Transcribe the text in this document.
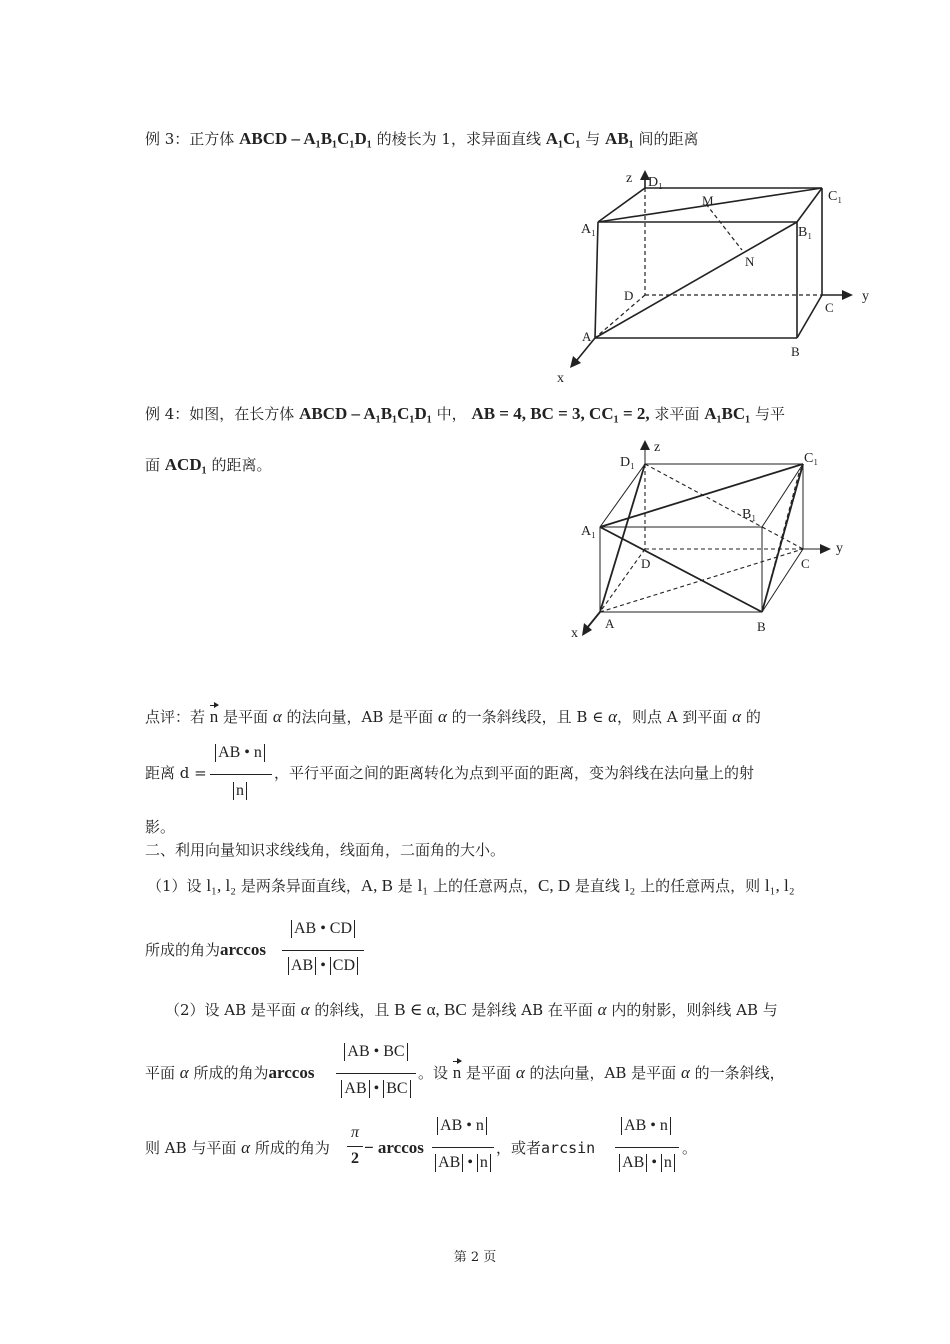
例 3：正方体 ABCD – A₁B₁C₁D₁ 的棱长为 1，求异面直线 A₁C₁ 与 AB₁ 间的距离
z D₁
C₁
M
A₁	B₁
N
D
C
y
A
B
x
例 4：如图，在长方体 ABCD – A₁B₁C₁D₁ 中， AB = 4, BC = 3, CC₁ = 2, 求平面 A₁BC₁ 与平
面 ACD₁ 的距离。	D₁
z
C₁
B₁
A₁
D
y
C
x
A	B
点评：若 n 是平面 α 的法向量，AB 是平面 α 的一条斜线段，且 B ∈ α，则点 A 到平面 α 的
距离 d =
AB • n
n
，平行平面之间的距离转化为点到平面的距离，变为斜线在法向量上的射
影。
二、利用向量知识求线线角，线面角，二面角的大小。
（1）设 l₁, l₂ 是两条异面直线，A, B 是 l₁ 上的任意两点，C, D 是直线 l₂ 上的任意两点，则 l₁, l₂
所成的角为arccos
AB • CD
AB • CD
（2）设 AB 是平面 α 的斜线，且 B ∈ α, BC 是斜线 AB 在平面 α 内的射影，则斜线 AB 与
平面 α 所成的角为arccos
AB • BC
AB • BC
。设 n 是平面 α 的法向量，AB 是平面 α 的一条斜线，
则 AB 与平面 α 所成的角为
π
2
− arccos
AB • n
AB • n
，或者arcsin
AB • n
AB • n
。
第 2 页
